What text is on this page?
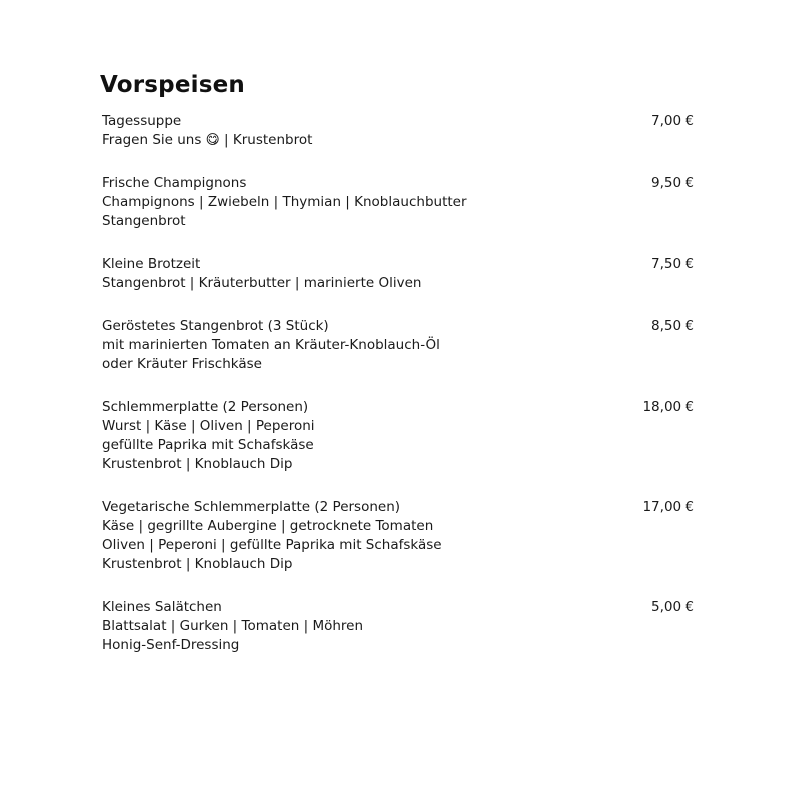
Vorspeisen
Tagessuppe
Fragen Sie uns 😋 | Krustenbrot
7,00 €
Frische Champignons
Champignons | Zwiebeln | Thymian | Knoblauchbutter
Stangenbrot
9,50 €
Kleine Brotzeit
Stangenbrot | Kräuterbutter | marinierte Oliven
7,50 €
Geröstetes Stangenbrot (3 Stück)
mit marinierten Tomaten an Kräuter-Knoblauch-Öl
oder Kräuter Frischkäse
8,50 €
Schlemmerplatte (2 Personen)
Wurst | Käse | Oliven | Peperoni
gefüllte Paprika mit Schafskäse
Krustenbrot | Knoblauch Dip
18,00 €
Vegetarische Schlemmerplatte (2 Personen)
Käse | gegrillte Aubergine | getrocknete Tomaten
Oliven | Peperoni | gefüllte Paprika mit Schafskäse
Krustenbrot | Knoblauch Dip
17,00 €
Kleines Salätchen
Blattsalat | Gurken | Tomaten | Möhren
Honig-Senf-Dressing
5,00 €
